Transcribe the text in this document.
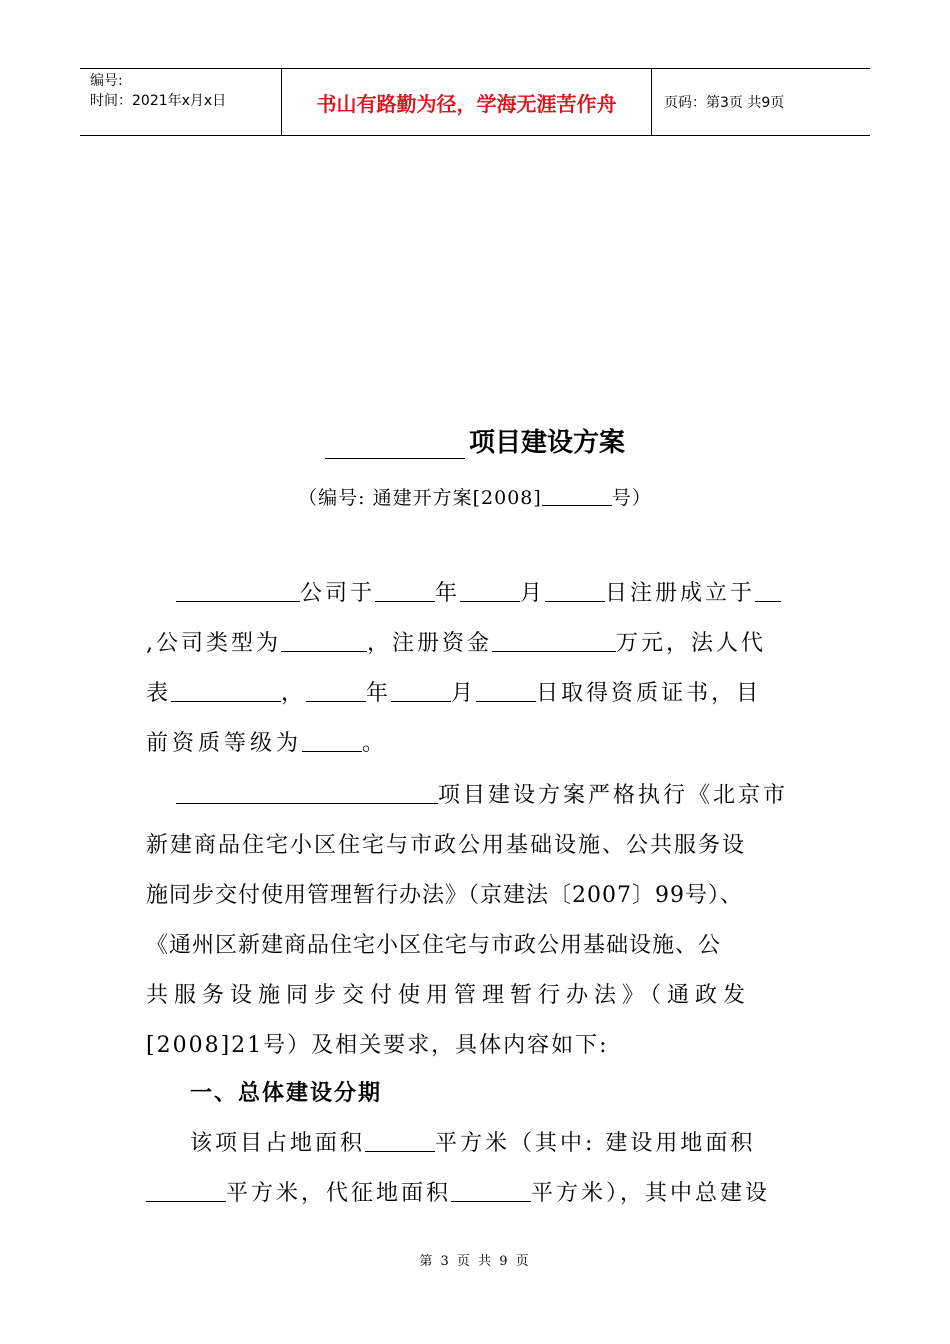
编号:
时间：2021年x月x日	书山有路勤为径，学海无涯苦作舟	页码：第3页 共9页
项目建设方案
（编号: 通建开方案[2008]	号）
公司于	年	月	日注册成立于
,公司类型为	，注册资金	万元，法人代
表	，	年	月	日取得资质证书，目
前资质等级为	。
项目建设方案严格执行《北京市
新建商品住宅小区住宅与市政公用基础设施、公共服务设
施同步交付使用管理暂行办法》（京建法〔2007〕99号）、
《通州区新建商品住宅小区住宅与市政公用基础设施、公
共服务设施同步交付使用管理暂行办法》（通政发
[2008]21号）及相关要求，具体内容如下:
一、总体建设分期
该项目占地面积	平方米（其中: 建设用地面积
平方米，代征地面积	平方米），其中总建设
第 3 页 共 9 页
